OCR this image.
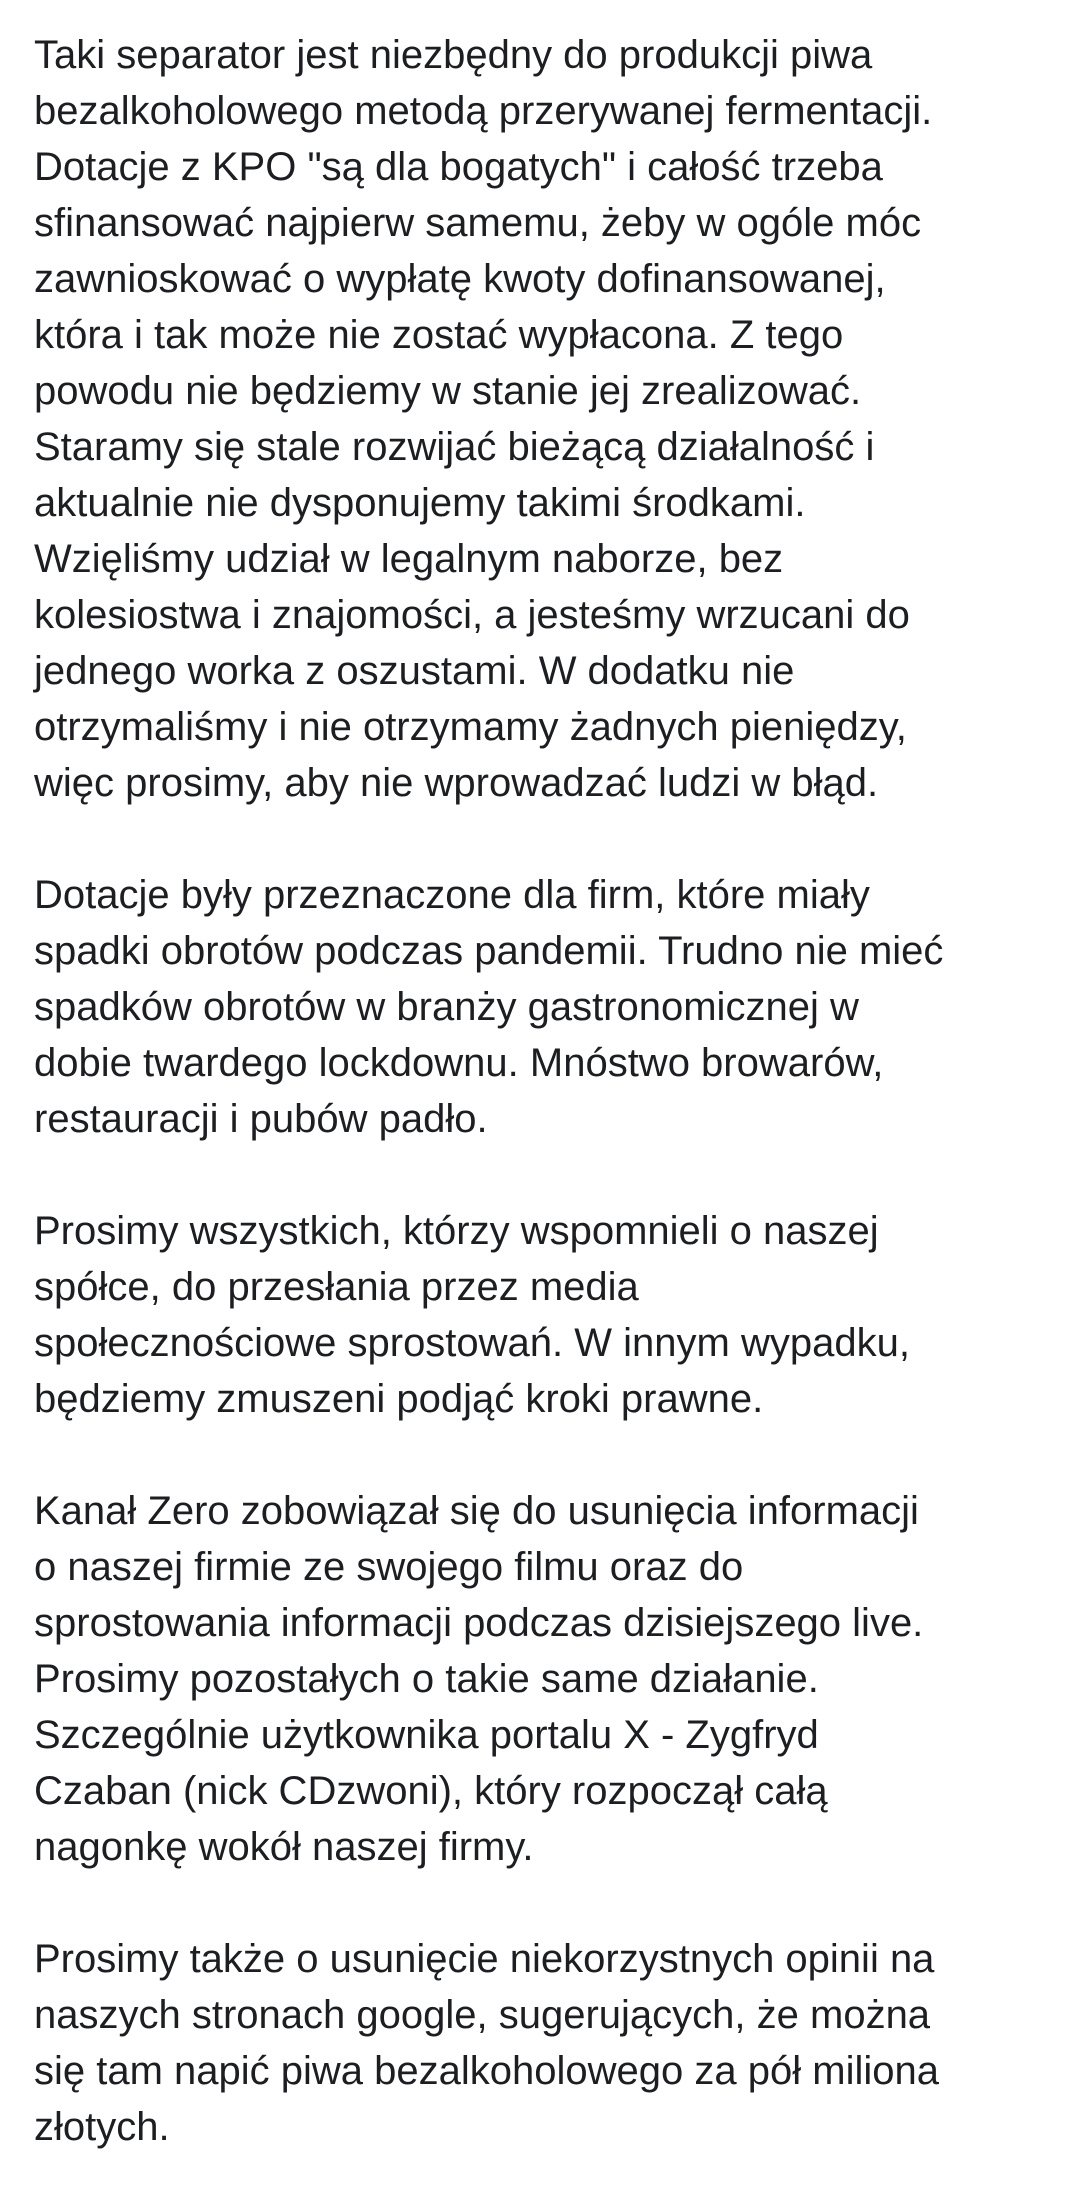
Taki separator jest niezbędny do produkcji piwa
bezalkoholowego metodą przerywanej fermentacji.
Dotacje z KPO "są dla bogatych" i całość trzeba
sfinansować najpierw samemu, żeby w ogóle móc
zawnioskować o wypłatę kwoty dofinansowanej,
która i tak może nie zostać wypłacona. Z tego
powodu nie będziemy w stanie jej zrealizować.
Staramy się stale rozwijać bieżącą działalność i
aktualnie nie dysponujemy takimi środkami.
Wzięliśmy udział w legalnym naborze, bez
kolesiostwa i znajomości, a jesteśmy wrzucani do
jednego worka z oszustami. W dodatku nie
otrzymaliśmy i nie otrzymamy żadnych pieniędzy,
więc prosimy, aby nie wprowadzać ludzi w błąd.
Dotacje były przeznaczone dla firm, które miały
spadki obrotów podczas pandemii. Trudno nie mieć
spadków obrotów w branży gastronomicznej w
dobie twardego lockdownu. Mnóstwo browarów,
restauracji i pubów padło.
Prosimy wszystkich, którzy wspomnieli o naszej
spółce, do przesłania przez media
społecznościowe sprostowań. W innym wypadku,
będziemy zmuszeni podjąć kroki prawne.
Kanał Zero zobowiązał się do usunięcia informacji
o naszej firmie ze swojego filmu oraz do
sprostowania informacji podczas dzisiejszego live.
Prosimy pozostałych o takie same działanie.
Szczególnie użytkownika portalu X - Zygfryd
Czaban (nick CDzwoni), który rozpoczął całą
nagonkę wokół naszej firmy.
Prosimy także o usunięcie niekorzystnych opinii na
naszych stronach google, sugerujących, że można
się tam napić piwa bezalkoholowego za pół miliona
złotych.
